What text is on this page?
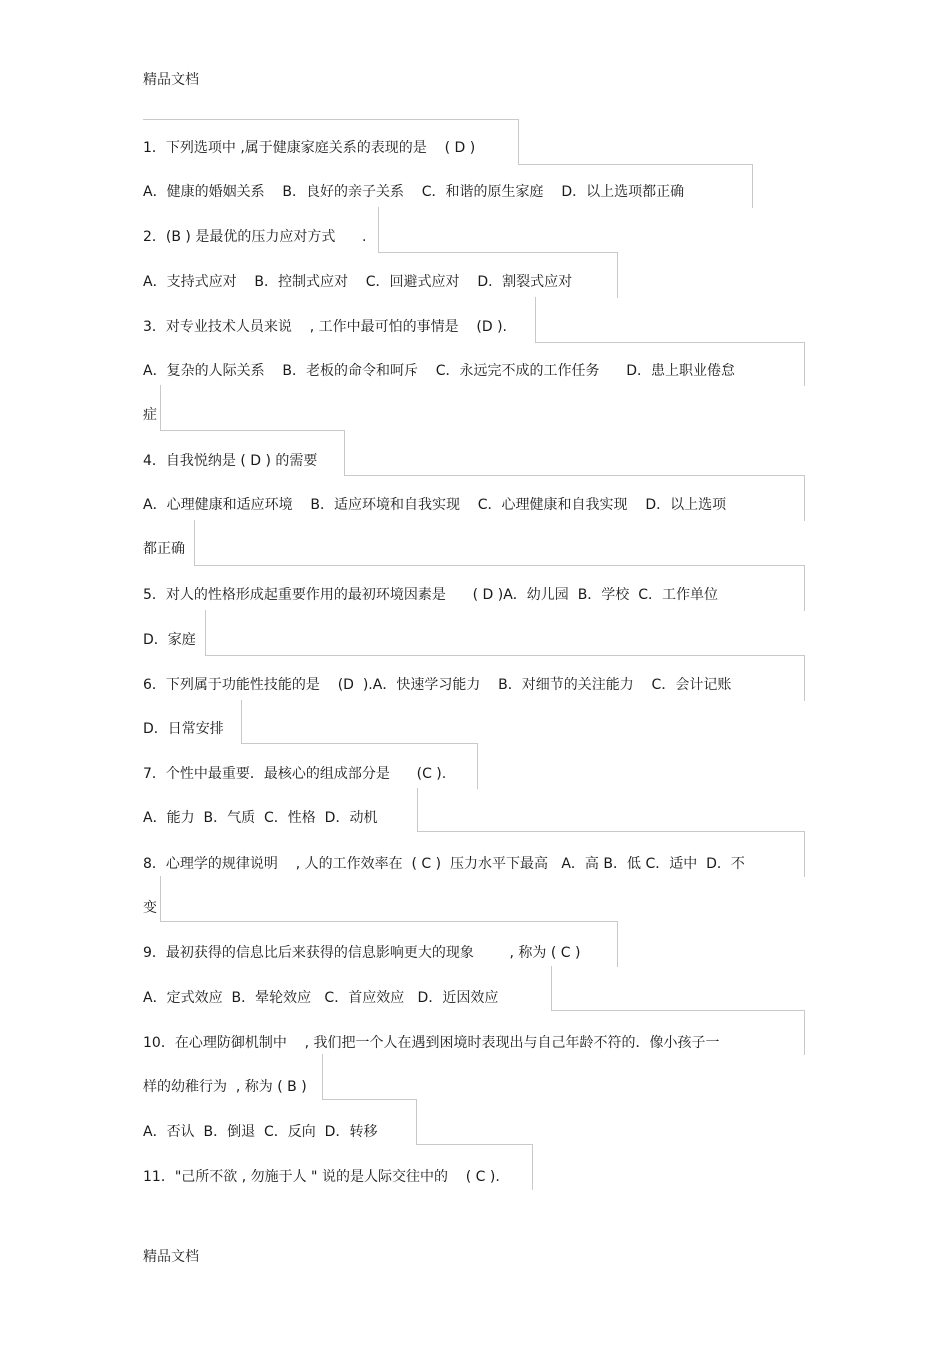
精品文档
1．下列选项中 ,属于健康家庭关系的表现的是    ( D )
A．健康的婚姻关系    B．良好的亲子关系    C．和谐的原生家庭    D．以上选项都正确
2．(B ) 是最优的压力应对方式      .
A．支持式应对    B．控制式应对    C．回避式应对    D．割裂式应对
3．对专业技术人员来说    , 工作中最可怕的事情是    (D ).
A．复杂的人际关系    B．老板的命令和呵斥    C．永远完不成的工作任务      D．患上职业倦怠
症
4．自我悦纳是 ( D ) 的需要
A．心理健康和适应环境    B．适应环境和自我实现    C．心理健康和自我实现    D．以上选项
都正确
5．对人的性格形成起重要作用的最初环境因素是      ( D )A．幼儿园  B．学校  C．工作单位
D．家庭
6．下列属于功能性技能的是    (D  ).A．快速学习能力    B．对细节的关注能力    C．会计记账
D．日常安排
7．个性中最重要．最核心的组成部分是      (C ).
A．能力  B．气质  C．性格  D．动机
8．心理学的规律说明    , 人的工作效率在  ( C )  压力水平下最高   A．高 B．低 C．适中  D．不
变
9．最初获得的信息比后来获得的信息影响更大的现象        , 称为 ( C )
A．定式效应  B．晕轮效应   C．首应效应   D．近因效应
10．在心理防御机制中    , 我们把一个人在遇到困境时表现出与自己年龄不符的．像小孩子一
样的幼稚行为  , 称为 ( B )
A．否认  B．倒退  C．反向  D．转移
11．"己所不欲 , 勿施于人 " 说的是人际交往中的    ( C ).
精品文档
